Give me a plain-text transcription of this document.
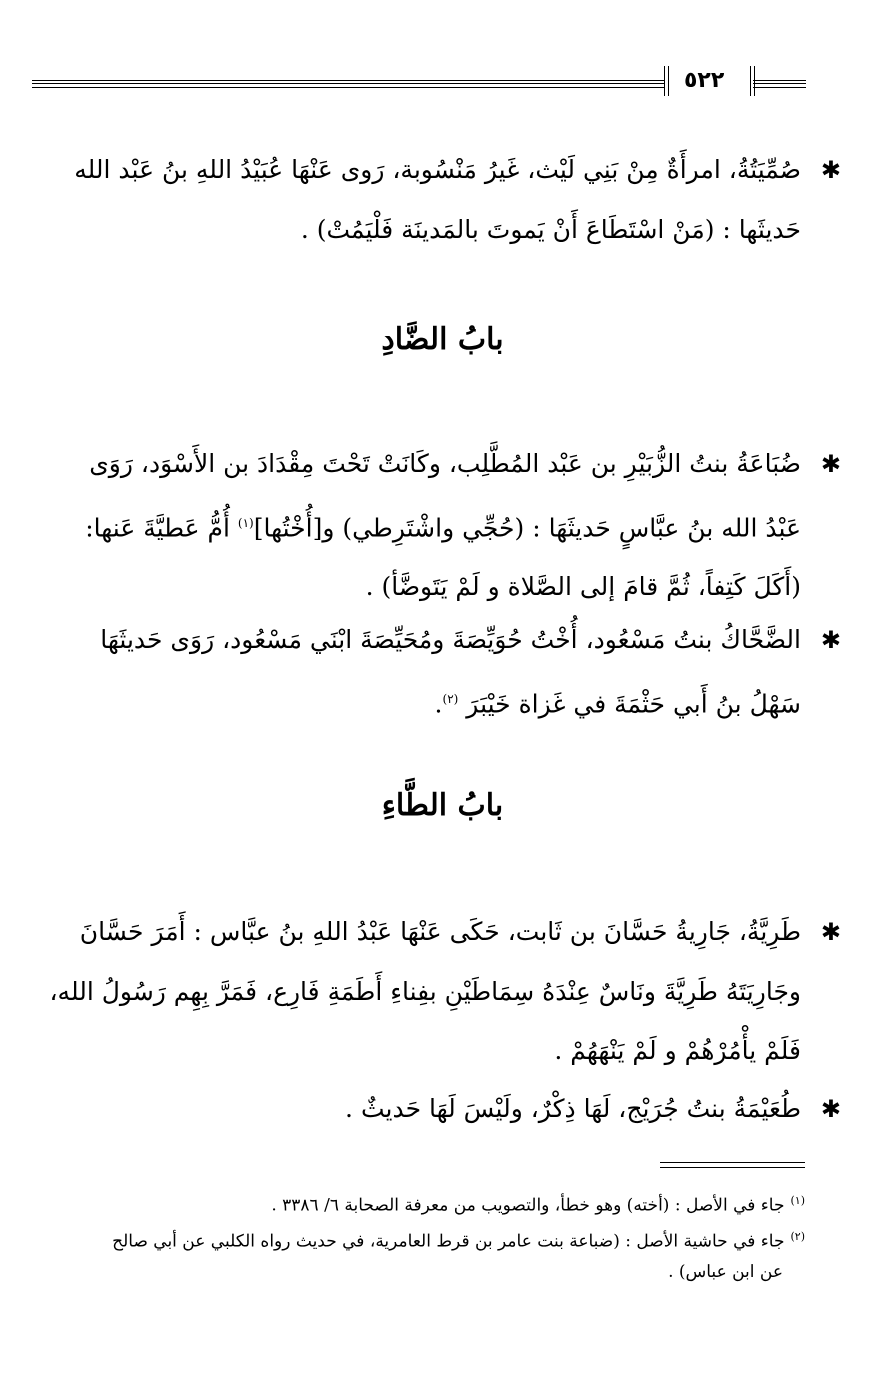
٥٢٢
✱صُمِّيَتُةُ، امرأَةٌ مِنْ بَنِي لَيْث، غَيرُ مَنْسُوبة، رَوى عَنْهَا عُبَيْدُ اللهِ بنُ عَبْد الله
حَديثَها : (مَنْ اسْتَطَاعَ أَنْ يَموتَ بالمَدينَة فَلْيَمُتْ) .
بابُ الضَّادِ
✱ضُبَاعَةُ بنتُ الزُّبَيْرِ بن عَبْد المُطَّلِب، وكَانَتْ تَحْتَ مِقْدَادَ بن الأَسْوَد، رَوَى
عَبْدُ الله بنُ عبَّاسٍ حَديثَهَا : (حُجِّي واشْتَرِطي) و[أُخْتُها]$^{(١)}$ أُمُّ عَطيَّةَ عَنها:
(أَكَلَ كَتِفاً، ثُمَّ قامَ إلى الصَّلاة و لَمْ يَتَوضَّأ) .
✱الضَّحَّاكُ بنتُ مَسْعُود، أُخْتُ حُوَيِّصَةَ ومُحَيِّصَةَ ابْنَي مَسْعُود، رَوَى حَديثَهَا
سَهْلُ بنُ أَبي حَثْمَةَ في غَزاة خَيْبَرَ $^{(٢)}$.
بابُ الطَّاءِ
✱طَرِيَّةُ، جَارِيةُ حَسَّانَ بن ثَابت، حَكَى عَنْهَا عَبْدُ اللهِ بنُ عبَّاس : أَمَرَ حَسَّانَ
وجَارِيَتَهُ طَرِيَّةَ ونَاسٌ عِنْدَهُ سِمَاطَيْنِ بفِناءِ أَطَمَةِ فَارِع، فَمَرَّ بِهِم رَسُولُ الله،
فَلَمْ يأْمُرْهُمْ و لَمْ يَنْهَهُمْ .
✱طُعَيْمَةُ بنتُ جُرَيْج، لَهَا ذِكْرٌ، ولَيْسَ لَهَا حَديثٌ .
$^{(١)}$جاء في الأصل : (أخته) وهو خطأ، والتصويب من معرفة الصحابة ٦/ ٣٣٨٦ .
$^{(٢)}$جاء في حاشية الأصل : (ضباعة بنت عامر بن قرط العامرية، في حديث رواه الكلبي عن أبي صالح
عن ابن عباس) .
